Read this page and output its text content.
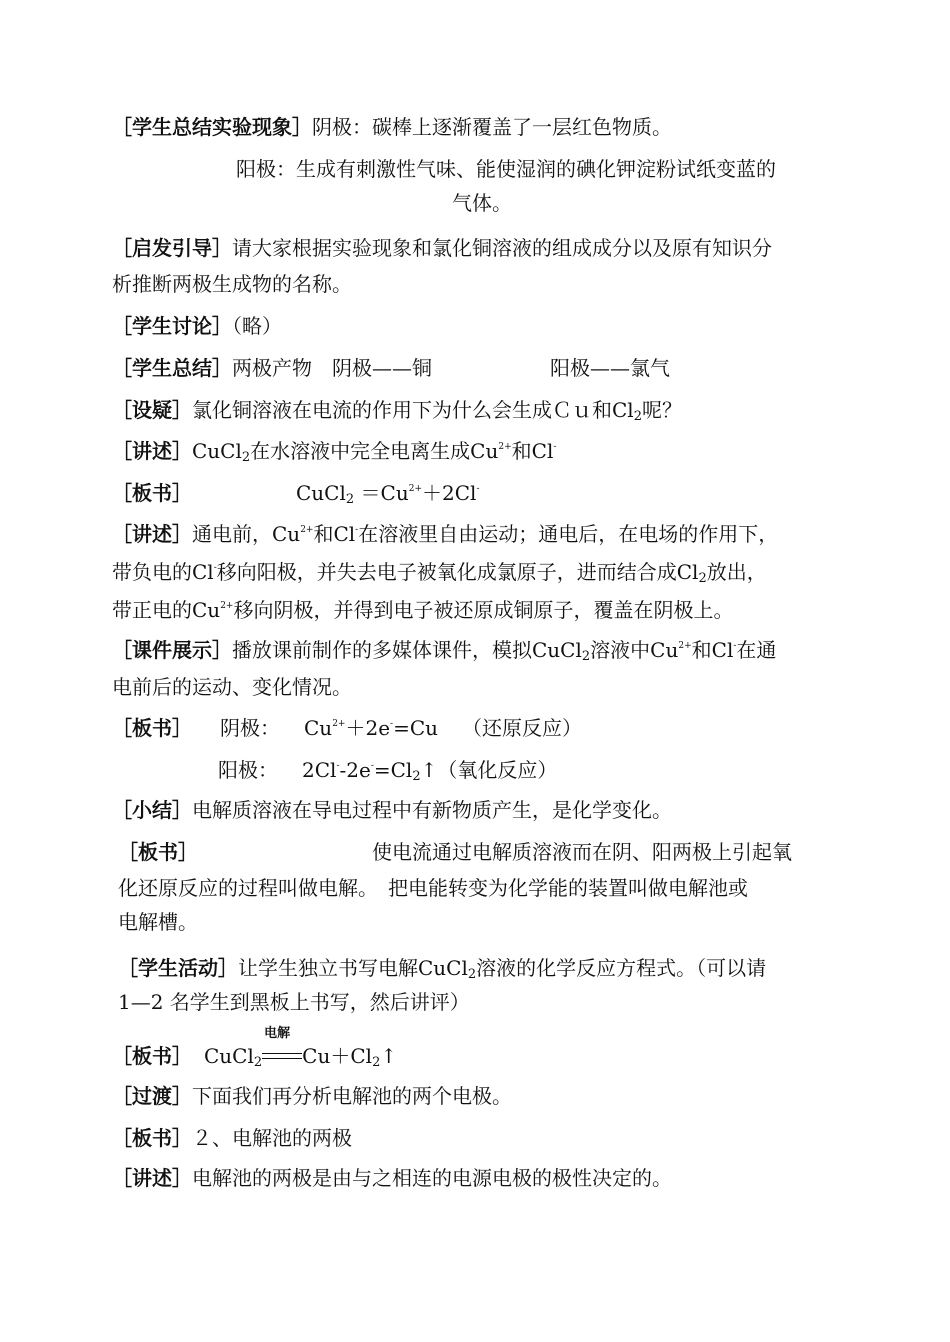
［学生总结实验现象］阴极：碳棒上逐渐覆盖了一层红色物质。
阳极：生成有刺激性气味、能使湿润的碘化钾淀粉试纸变蓝的
气体。
［启发引导］请大家根据实验现象和氯化铜溶液的组成成分以及原有知识分
析推断两极生成物的名称。
［学生讨论］（略）
［学生总结］两极产物　阴极——铜	阳极——氯气
［设疑］氯化铜溶液在电流的作用下为什么会生成Ｃｕ和$Cl_2$呢？
［讲述］CuCl$_2$在水溶液中完全电离生成$Cu^{2+}$和Cl-
［板书］	CuCl$_2$ $=Cu^{2+}+2Cl^-$
［讲述］通电前，$Cu^{2+}$和Cl-在溶液里自由运动；通电后，在电场的作用下，
带负电的Cl-移向阳极，并失去电子被氧化成氯原子，进而结合成$Cl_2$放出，
带正电的$Cu^{2+}$移向阴极，并得到电子被还原成铜原子，覆盖在阴极上。
［课件展示］播放课前制作的多媒体课件，模拟CuCl$_2$溶液中$Cu^{2+}$和Cl-在通
电前后的运动、变化情况。
［板书］ 阴极： $Cu^{2+}+2e^-=Cu$ （还原反应）
阳极： $2Cl^--2e^-=Cl_2↑$（氧化反应）
［小结］电解质溶液在导电过程中有新物质产生，是化学变化。
［板书］	使电流通过电解质溶液而在阴、阳两极上引起氧
化还原反应的过程叫做电解。　把电能转变为化学能的装置叫做电解池或
电解槽。
［学生活动］让学生独立书写电解CuCl$_2$溶液的化学反应方程式。（可以请
1—2 名学生到黑板上书写，然后讲评）
［板书］ CuCl$_2$
电解
$Cu+Cl_2↑$
［过渡］下面我们再分析电解池的两个电极。
［板书］２、电解池的两极
［讲述］电解池的两极是由与之相连的电源电极的极性决定的。
